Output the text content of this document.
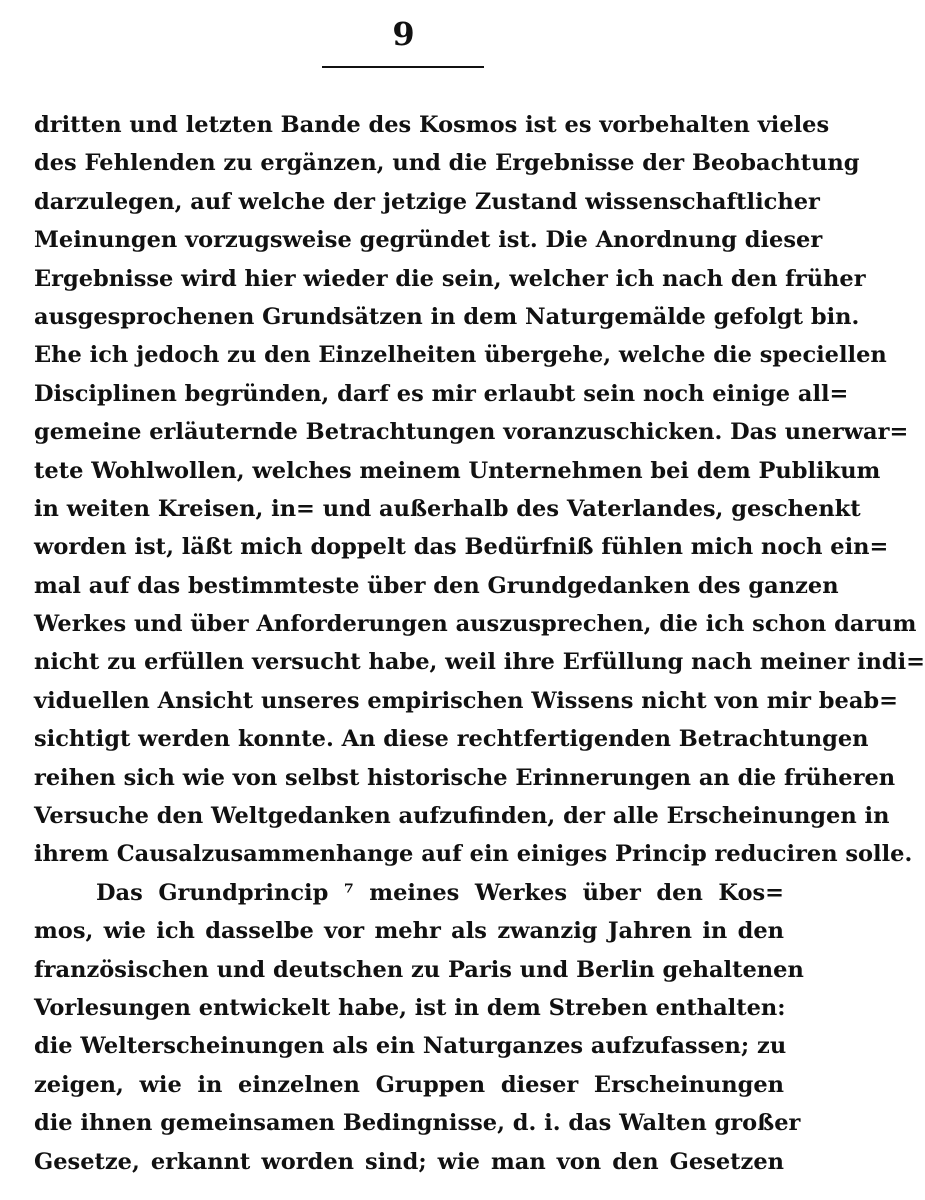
9
dritten und letzten Bande des Kosmos ist es vorbehalten vieles
des Fehlenden zu ergänzen, und die Ergebnisse der Beobachtung
darzulegen, auf welche der jetzige Zustand wissenschaftlicher
Meinungen vorzugsweise gegründet ist. Die Anordnung dieser
Ergebnisse wird hier wieder die sein, welcher ich nach den früher
ausgesprochenen Grundsätzen in dem Naturgemälde gefolgt bin.
Ehe ich jedoch zu den Einzelheiten übergehe, welche die speciellen
Disciplinen begründen, darf es mir erlaubt sein noch einige all=
gemeine erläuternde Betrachtungen voranzuschicken. Das unerwar=
tete Wohlwollen, welches meinem Unternehmen bei dem Publikum
in weiten Kreisen, in= und außerhalb des Vaterlandes, geschenkt
worden ist, läßt mich doppelt das Bedürfniß fühlen mich noch ein=
mal auf das bestimmteste über den Grundgedanken des ganzen
Werkes und über Anforderungen auszusprechen, die ich schon darum
nicht zu erfüllen versucht habe, weil ihre Erfüllung nach meiner indi=
viduellen Ansicht unseres empirischen Wissens nicht von mir beab=
sichtigt werden konnte. An diese rechtfertigenden Betrachtungen
reihen sich wie von selbst historische Erinnerungen an die früheren
Versuche den Weltgedanken aufzufinden, der alle Erscheinungen in
ihrem Causalzusammenhange auf ein einiges Princip reduciren solle.
Das Grundprincip ⁷ meines Werkes über den Kos=
mos, wie ich dasselbe vor mehr als zwanzig Jahren in den
französischen und deutschen zu Paris und Berlin gehaltenen
Vorlesungen entwickelt habe, ist in dem Streben enthalten:
die Welterscheinungen als ein Naturganzes aufzufassen; zu
zeigen, wie in einzelnen Gruppen dieser Erscheinungen
die ihnen gemeinsamen Bedingnisse, d. i. das Walten großer
Gesetze, erkannt worden sind; wie man von den Gesetzen
